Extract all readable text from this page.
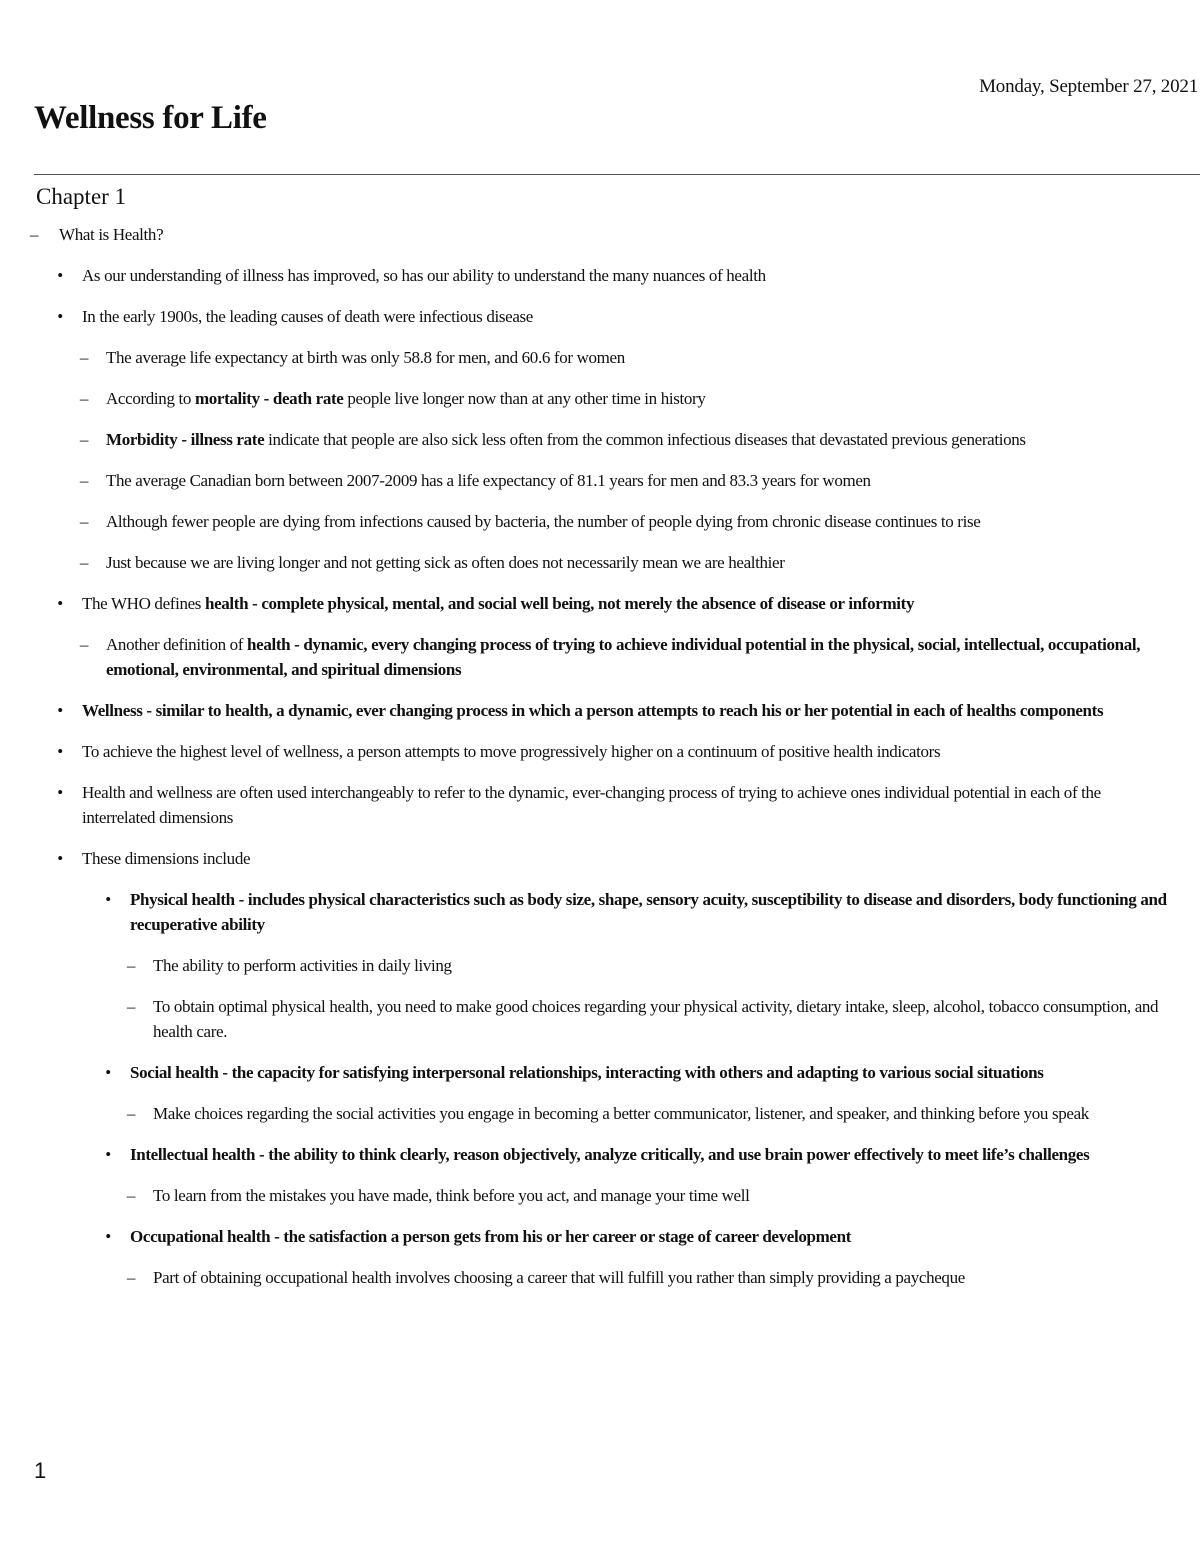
Monday, September 27, 2021
Wellness for Life
Chapter 1
– What is Health?
• As our understanding of illness has improved, so has our ability to understand the many nuances of health
• In the early 1900s, the leading causes of death were infectious disease
– The average life expectancy at birth was only 58.8 for men, and 60.6 for women
– According to mortality - death rate people live longer now than at any other time in history
– Morbidity - illness rate indicate that people are also sick less often from the common infectious diseases that devastated previous generations
– The average Canadian born between 2007-2009 has a life expectancy of 81.1 years for men and 83.3 years for women
– Although fewer people are dying from infections caused by bacteria, the number of people dying from chronic disease continues to rise
– Just because we are living longer and not getting sick as often does not necessarily mean we are healthier
• The WHO defines health - complete physical, mental, and social well being, not merely the absence of disease or informity
– Another definition of health - dynamic, every changing process of trying to achieve individual potential in the physical, social, intellectual, occupational, emotional, environmental, and spiritual dimensions
• Wellness - similar to health, a dynamic, ever changing process in which a person attempts to reach his or her potential in each of healths components
• To achieve the highest level of wellness, a person attempts to move progressively higher on a continuum of positive health indicators
• Health and wellness are often used interchangeably to refer to the dynamic, ever-changing process of trying to achieve ones individual potential in each of the interrelated dimensions
• These dimensions include
• Physical health - includes physical characteristics such as body size, shape, sensory acuity, susceptibility to disease and disorders, body functioning and recuperative ability
– The ability to perform activities in daily living
– To obtain optimal physical health, you need to make good choices regarding your physical activity, dietary intake, sleep, alcohol, tobacco consumption, and health care.
• Social health - the capacity for satisfying interpersonal relationships, interacting with others and adapting to various social situations
– Make choices regarding the social activities you engage in becoming a better communicator, listener, and speaker, and thinking before you speak
• Intellectual health - the ability to think clearly, reason objectively, analyze critically, and use brain power effectively to meet life’s challenges
– To learn from the mistakes you have made, think before you act, and manage your time well
• Occupational health - the satisfaction a person gets from his or her career or stage of career development
– Part of obtaining occupational health involves choosing a career that will fulfill you rather than simply providing a paycheque
1
